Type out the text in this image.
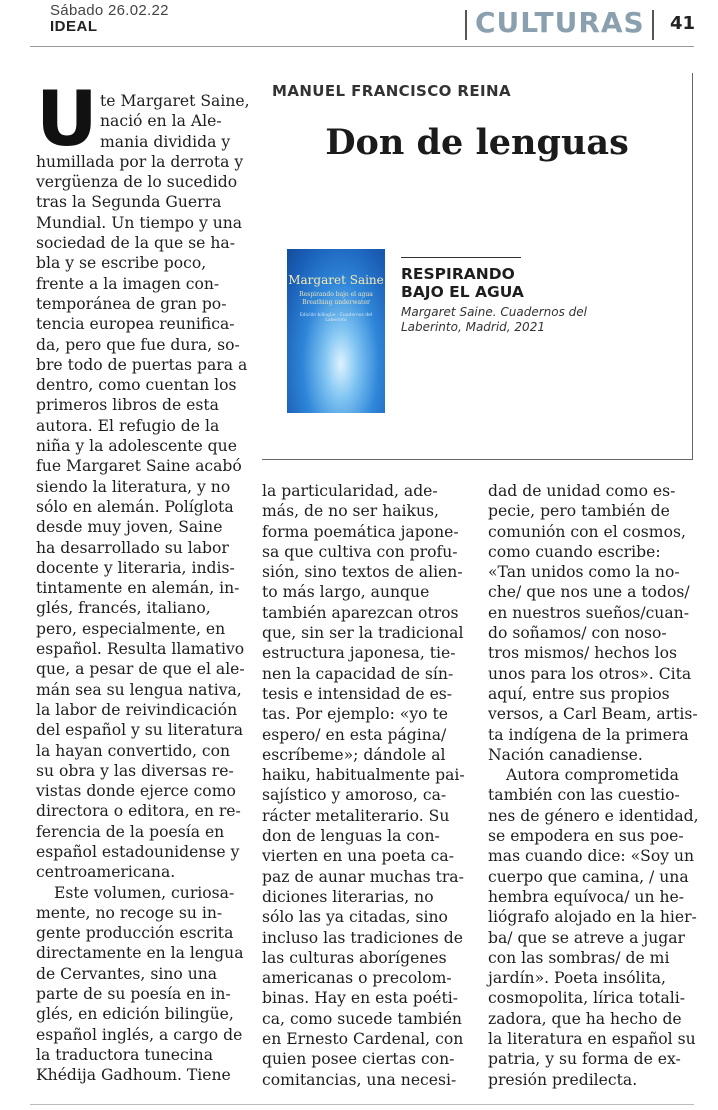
Sábado 26.02.22
IDEAL	CULTURAS 41
MANUEL FRANCISCO REINA
Don de lenguas
Margaret Saine
Respirando bajo el agua
Breathing underwater
Edición bilingüe · Cuadernos del Laberinto
RESPIRANDO
BAJO EL AGUA
Margaret Saine. Cuadernos del
Laberinto, Madrid, 2021
U te Margaret Saine,
nació en la Ale-
mania dividida y
humillada por la derrota y
vergüenza de lo sucedido
tras la Segunda Guerra
Mundial. Un tiempo y una
sociedad de la que se ha-
bla y se escribe poco,
frente a la imagen con-
temporánea de gran po-
tencia europea reunifica-
da, pero que fue dura, so-
bre todo de puertas para a
dentro, como cuentan los
primeros libros de esta
autora. El refugio de la
niña y la adolescente que
fue Margaret Saine acabó
siendo la literatura, y no
sólo en alemán. Políglota
desde muy joven, Saine
ha desarrollado su labor
docente y literaria, indis-
tintamente en alemán, in-
glés, francés, italiano,
pero, especialmente, en
español. Resulta llamativo
que, a pesar de que el ale-
mán sea su lengua nativa,
la labor de reivindicación
del español y su literatura
la hayan convertido, con
su obra y las diversas re-
vistas donde ejerce como
directora o editora, en re-
ferencia de la poesía en
español estadounidense y
centroamericana.
Este volumen, curiosa-
mente, no recoge su in-
gente producción escrita
directamente en la lengua
de Cervantes, sino una
parte de su poesía en in-
glés, en edición bilingüe,
español inglés, a cargo de
la traductora tunecina
Khédija Gadhoum. Tiene
la particularidad, ade-
más, de no ser haikus,
forma poemática japone-
sa que cultiva con profu-
sión, sino textos de alien-
to más largo, aunque
también aparezcan otros
que, sin ser la tradicional
estructura japonesa, tie-
nen la capacidad de sín-
tesis e intensidad de es-
tas. Por ejemplo: «yo te
espero/ en esta página/
escríbeme»; dándole al
haiku, habitualmente pai-
sajístico y amoroso, ca-
rácter metaliterario. Su
don de lenguas la con-
vierten en una poeta ca-
paz de aunar muchas tra-
diciones literarias, no
sólo las ya citadas, sino
incluso las tradiciones de
las culturas aborígenes
americanas o precolom-
binas. Hay en esta poéti-
ca, como sucede también
en Ernesto Cardenal, con
quien posee ciertas con-
comitancias, una necesi-
dad de unidad como es-
pecie, pero también de
comunión con el cosmos,
como cuando escribe:
«Tan unidos como la no-
che/ que nos une a todos/
en nuestros sueños/cuan-
do soñamos/ con noso-
tros mismos/ hechos los
unos para los otros». Cita
aquí, entre sus propios
versos, a Carl Beam, artis-
ta indígena de la primera
Nación canadiense.
Autora comprometida
también con las cuestio-
nes de género e identidad,
se empodera en sus poe-
mas cuando dice: «Soy un
cuerpo que camina, / una
hembra equívoca/ un he-
liógrafo alojado en la hier-
ba/ que se atreve a jugar
con las sombras/ de mi
jardín». Poeta insólita,
cosmopolita, lírica totali-
zadora, que ha hecho de
la literatura en español su
patria, y su forma de ex-
presión predilecta.
